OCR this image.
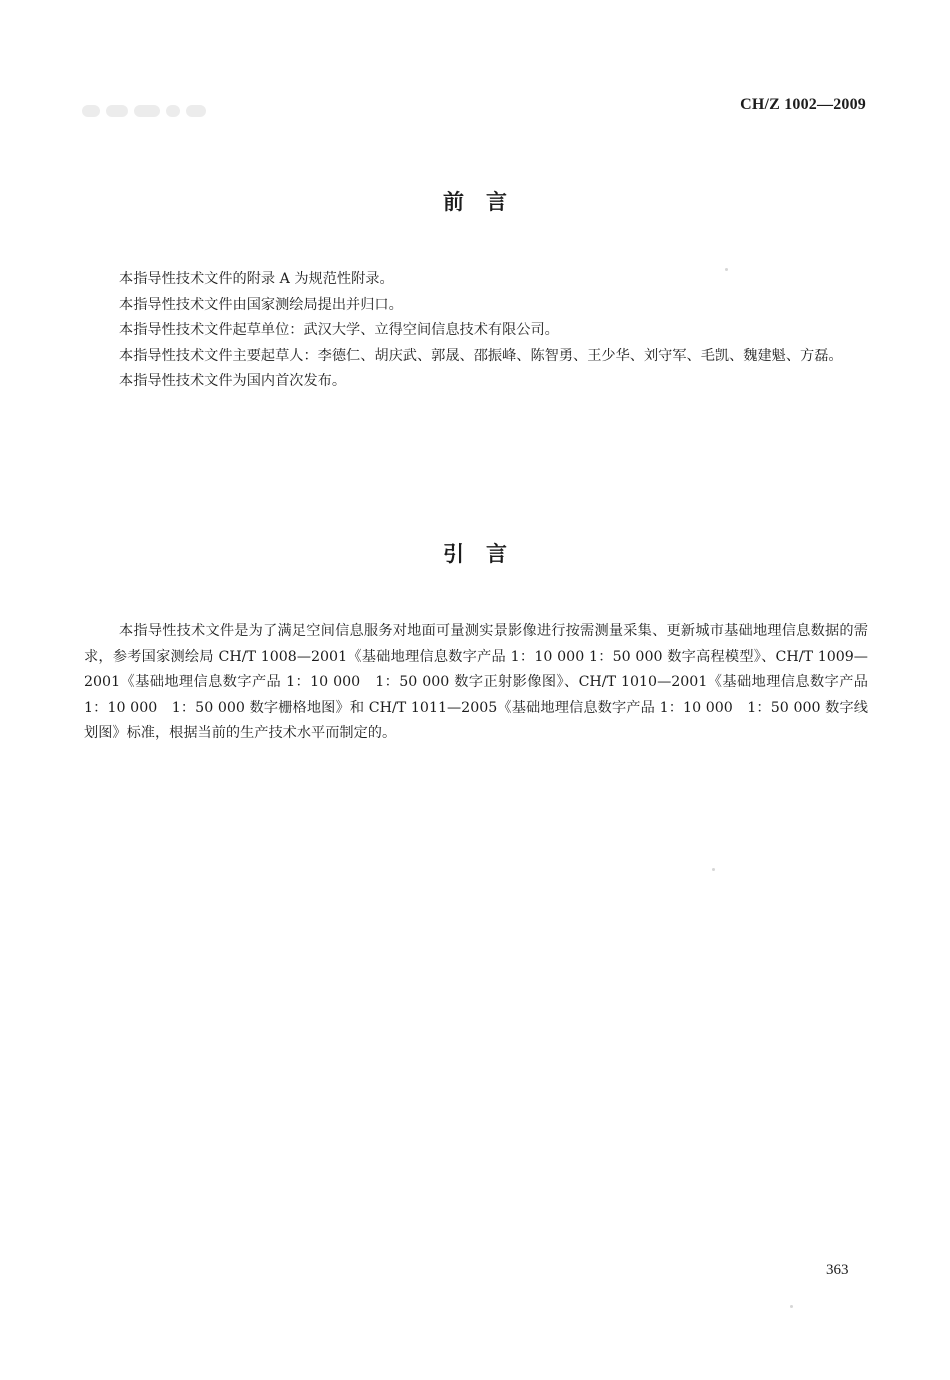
CH/Z 1002—2009
前言

本指导性技术文件的附录 A 为规范性附录。

本指导性技术文件由国家测绘局提出并归口。

本指导性技术文件起草单位：武汉大学、立得空间信息技术有限公司。

本指导性技术文件主要起草人：李德仁、胡庆武、郭晟、邵振峰、陈智勇、王少华、刘守军、毛凯、魏建魁、方磊。

本指导性技术文件为国内首次发布。

引言

本指导性技术文件是为了满足空间信息服务对地面可量测实景影像进行按需测量采集、更新城市基础地理信息数据的需求，参考国家测绘局 CH/T 1008—2001《基础地理信息数字产品 1：10 000 1：50 000 数字高程模型》、CH/T 1009—2001《基础地理信息数字产品 1：10 000　1：50 000 数字正射影像图》、CH/T 1010—2001《基础地理信息数字产品 1：10 000　1：50 000 数字栅格地图》和 CH/T 1011—2005《基础地理信息数字产品 1：10 000　1：50 000 数字线划图》标准，根据当前的生产技术水平而制定的。

363
